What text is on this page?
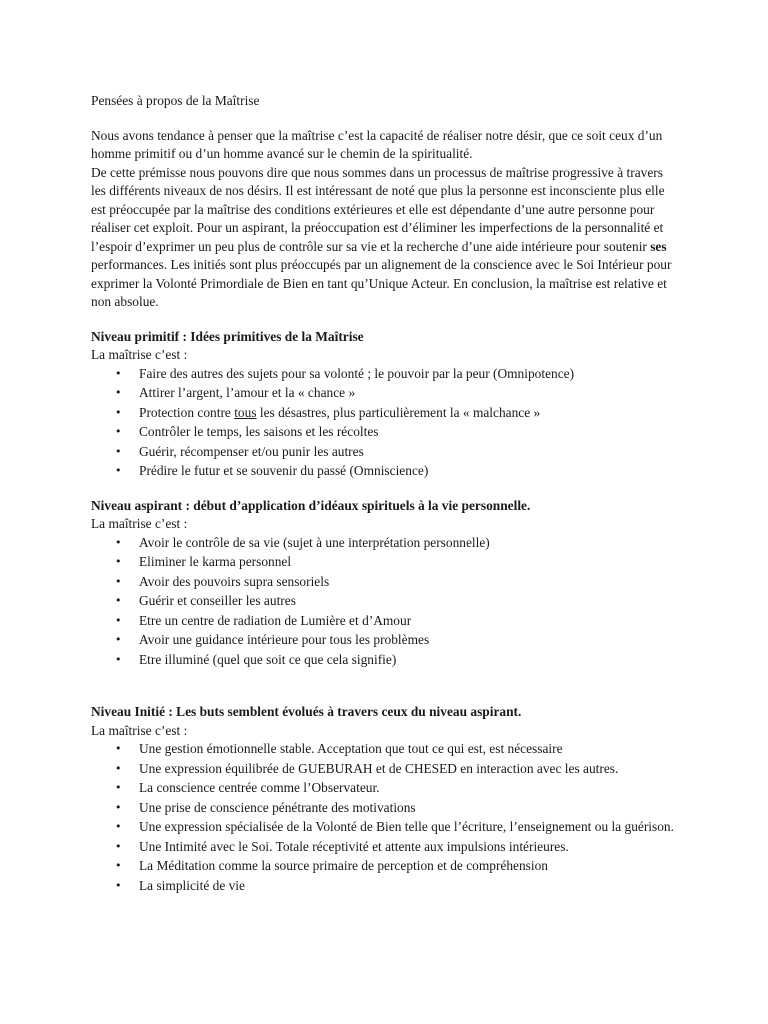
Pensées à propos de la Maîtrise

Nous avons tendance à penser que la maîtrise c’est la capacité de réaliser notre désir, que ce soit ceux d’un homme primitif ou d’un homme avancé sur le chemin de la spiritualité.

De cette prémisse nous pouvons dire que nous sommes dans un processus de maîtrise progressive à travers les différents niveaux de nos désirs. Il est intéressant de noté que plus la personne est inconsciente plus elle est préoccupée par la maîtrise des conditions extérieures et elle est dépendante d’une autre personne pour réaliser cet exploit. Pour un aspirant, la préoccupation est d’éliminer les imperfections de la personnalité et l’espoir d’exprimer un peu plus de contrôle sur sa vie et la recherche d’une aide intérieure pour soutenir ses performances. Les initiés sont plus préoccupés par un alignement de la conscience avec le Soi Intérieur pour exprimer la Volonté Primordiale de Bien en tant qu’Unique Acteur. En conclusion, la maîtrise est relative et non absolue.

Niveau primitif : Idées primitives de la Maîtrise

La maîtrise c’est :

• Faire des autres des sujets pour sa volonté ; le pouvoir par la peur (Omnipotence)
• Attirer l’argent, l’amour et la « chance »
• Protection contre tous les désastres, plus particulièrement la « malchance »
• Contrôler le temps, les saisons et les récoltes
• Guérir, récompenser et/ou punir les autres
• Prédire le futur et se souvenir du passé (Omniscience)

Niveau aspirant : début d’application d’idéaux spirituels à la vie personnelle.

La maîtrise c’est :

• Avoir le contrôle de sa vie (sujet à une interprétation personnelle)
• Eliminer le karma personnel
• Avoir des pouvoirs supra sensoriels
• Guérir et conseiller les autres
• Etre un centre de radiation de Lumière et d’Amour
• Avoir une guidance intérieure pour tous les problèmes
• Etre illuminé (quel que soit ce que cela signifie)

Niveau Initié : Les buts semblent évolués à travers ceux du niveau aspirant.

La maîtrise c’est :

• Une gestion émotionnelle stable. Acceptation que tout ce qui est, est nécessaire
• Une expression équilibrée de GUEBURAH et de CHESED en interaction avec les autres.
• La conscience centrée comme l’Observateur.
• Une prise de conscience pénétrante des motivations
• Une expression spécialisée de la Volonté de Bien telle que l’écriture, l’enseignement ou la guérison.
• Une Intimité avec le Soi. Totale réceptivité et attente aux impulsions intérieures.
• La Méditation comme la source primaire de perception et de compréhension
• La simplicité de vie
